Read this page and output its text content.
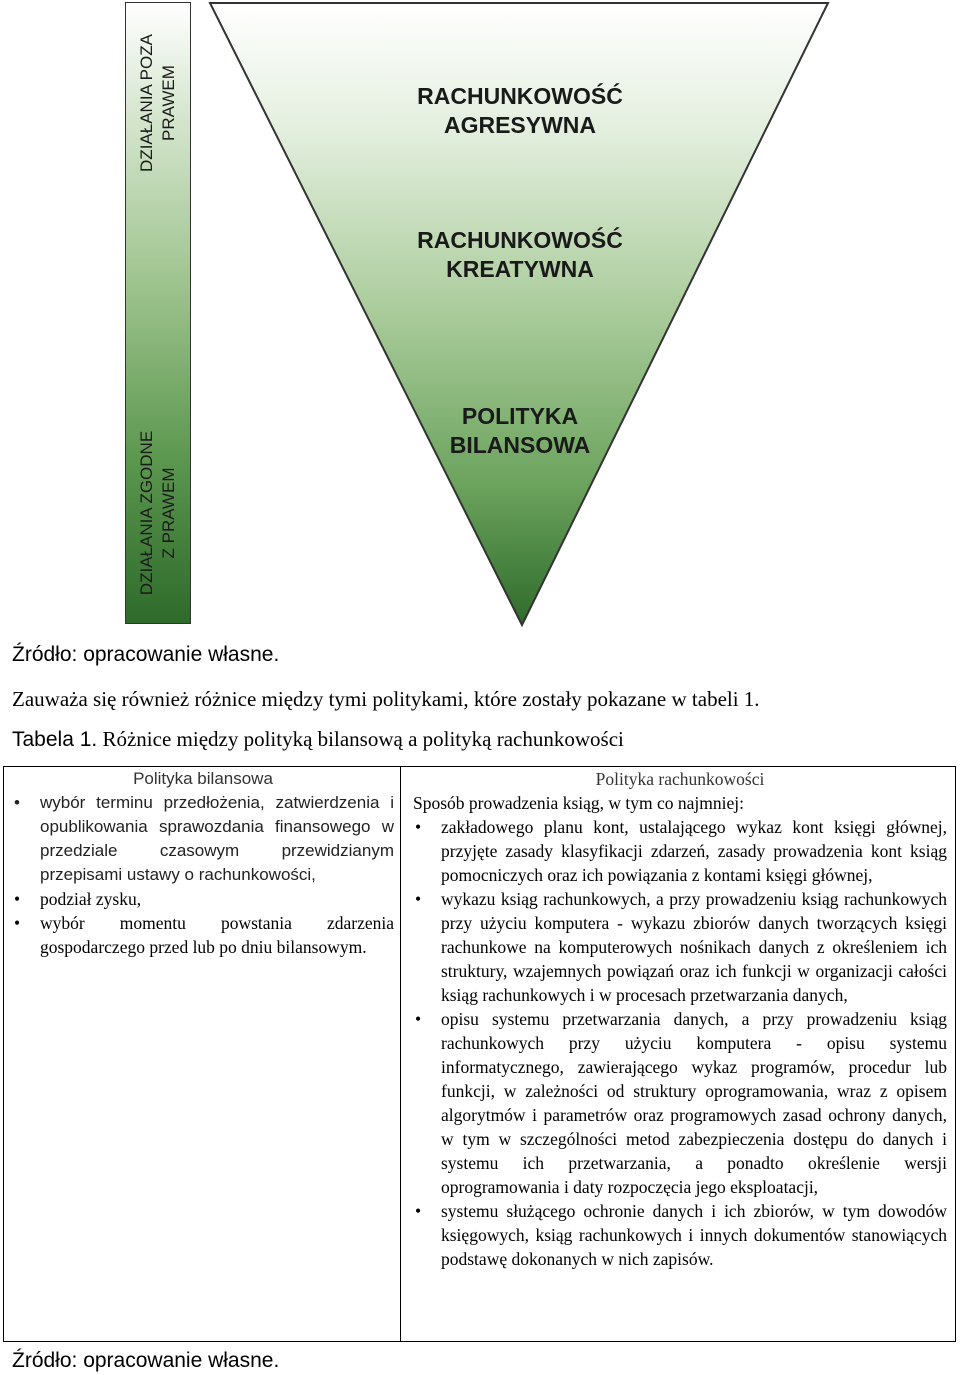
DZIAŁANIA POZA
PRAWEM
DZIAŁANIA ZGODNE
Z PRAWEM
RACHUNKOWOŚĆ
AGRESYWNA
RACHUNKOWOŚĆ
KREATYWNA
POLITYKA
BILANSOWA
Źródło: opracowanie własne.
Zauważa się również różnice między tymi politykami, które zostały pokazane w tabeli 1.
Tabela 1. Różnice między polityką bilansową a polityką rachunkowości
Polityka bilansowa
•
wybór terminu przedłożenia, zatwierdzenia i opublikowania sprawozdania finansowego w przedziale czasowym przewidzianym przepisami ustawy o rachunkowości,
•
podział zysku,
•
wybór momentu powstania zdarzenia gospodarczego przed lub po dniu bilansowym.
Polityka rachunkowości
Sposób prowadzenia ksiąg, w tym co najmniej:
•
zakładowego planu kont, ustalającego wykaz kont księgi głównej, przyjęte zasady klasyfikacji zdarzeń, zasady prowadzenia kont ksiąg pomocniczych oraz ich powiązania z kontami księgi głównej,
•
wykazu ksiąg rachunkowych, a przy prowadzeniu ksiąg rachunkowych przy użyciu komputera - wykazu zbiorów danych tworzących księgi rachunkowe na komputerowych nośnikach danych z określeniem ich struktury, wzajemnych powiązań oraz ich funkcji w organizacji całości ksiąg rachunkowych i w procesach przetwarzania danych,
•
opisu systemu przetwarzania danych, a przy prowadzeniu ksiąg rachunkowych przy użyciu komputera - opisu systemu informatycznego, zawierającego wykaz programów, procedur lub funkcji, w zależności od struktury oprogramowania, wraz z opisem algorytmów i parametrów oraz programowych zasad ochrony danych, w tym w szczególności metod zabezpieczenia dostępu do danych i systemu ich przetwarzania, a ponadto określenie wersji oprogramowania i daty rozpoczęcia jego eksploatacji,
•
systemu służącego ochronie danych i ich zbiorów, w tym dowodów księgowych, ksiąg rachunkowych i innych dokumentów stanowiących podstawę dokonanych w nich zapisów.
Źródło: opracowanie własne.
